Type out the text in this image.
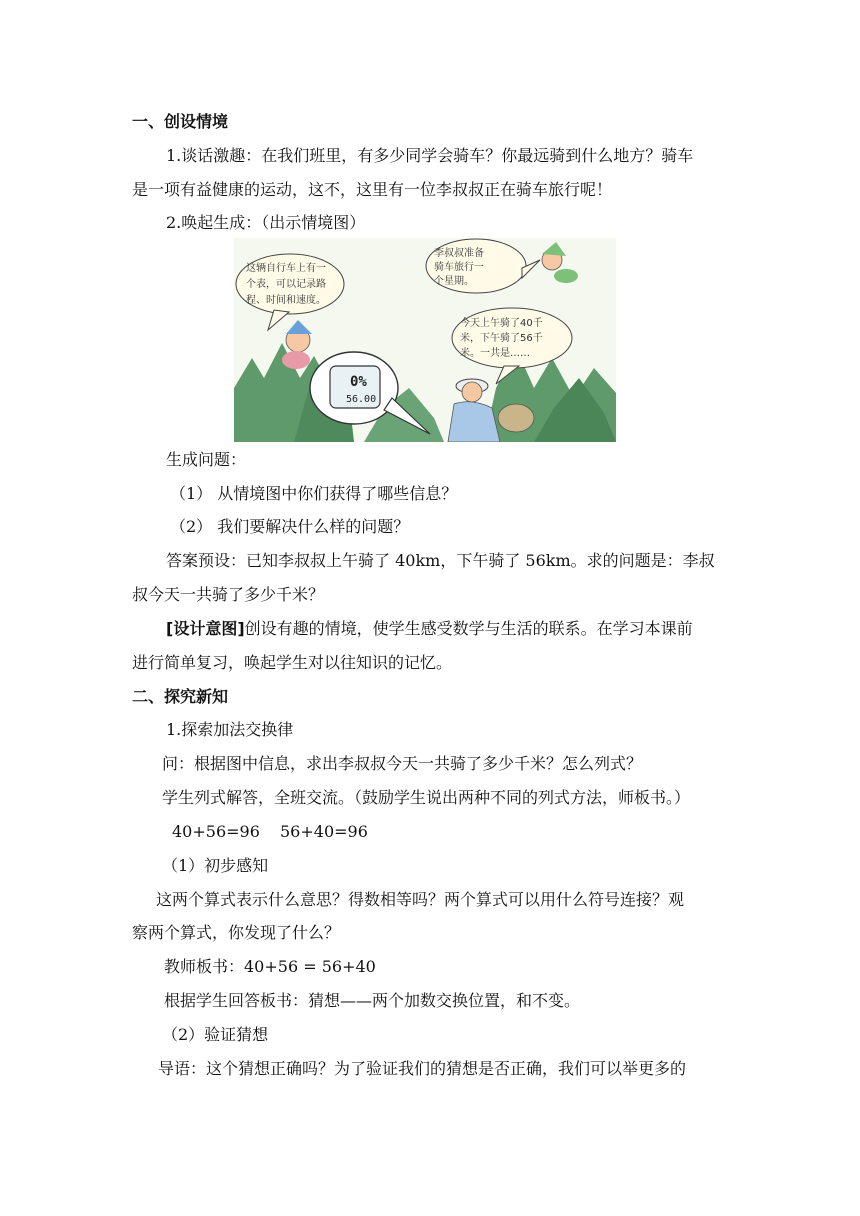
一、创设情境
1.谈话激趣：在我们班里，有多少同学会骑车？你最远骑到什么地方？骑车
是一项有益健康的运动，这不，这里有一位李叔叔正在骑车旅行呢！
2.唤起生成：（出示情境图）
这辆自行车上有一
个表，可以记录路
程、时间和速度。
李叔叔准备
骑车旅行一
个星期。
今天上午骑了40千
米，下午骑了56千
米。一共是……
0%
56.00
生成问题：
（1） 从情境图中你们获得了哪些信息？
（2） 我们要解决什么样的问题？
答案预设：已知李叔叔上午骑了 40km，下午骑了 56km。求的问题是：李叔
叔今天一共骑了多少千米？
[设计意图]创设有趣的情境，使学生感受数学与生活的联系。在学习本课前
进行简单复习，唤起学生对以往知识的记忆。
二、探究新知
1.探索加法交换律
问：根据图中信息，求出李叔叔今天一共骑了多少千米？怎么列式？
学生列式解答，全班交流。（鼓励学生说出两种不同的列式方法，师板书。）
40+56=96 56+40=96
（1）初步感知
这两个算式表示什么意思？得数相等吗？两个算式可以用什么符号连接？观
察两个算式，你发现了什么？
教师板书：40+56 = 56+40
根据学生回答板书：猜想——两个加数交换位置，和不变。
（2）验证猜想
导语：这个猜想正确吗？为了验证我们的猜想是否正确，我们可以举更多的
